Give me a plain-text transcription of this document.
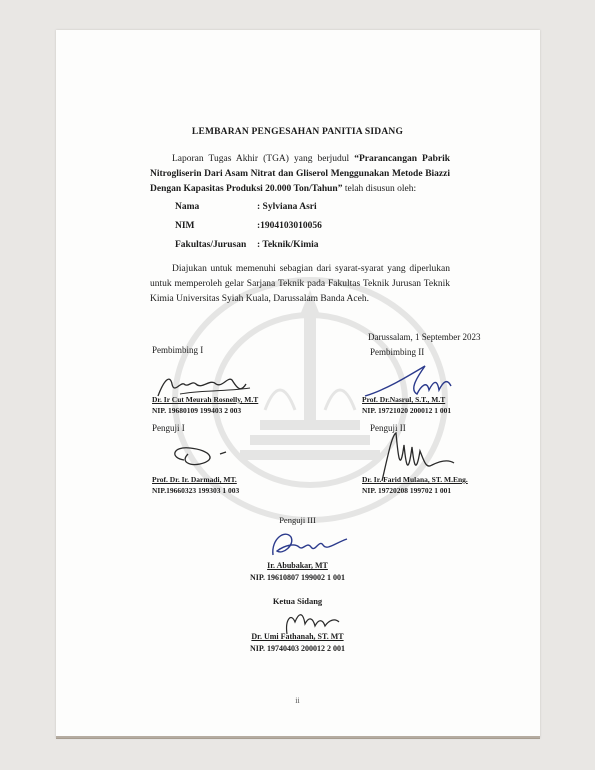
LEMBARAN PENGESAHAN PANITIA SIDANG
Laporan Tugas Akhir (TGA) yang berjudul “Prarancangan Pabrik Nitrogliserin Dari Asam Nitrat dan Gliserol Menggunakan Metode Biazzi Dengan Kapasitas Produksi 20.000 Ton/Tahun” telah disusun oleh:
Nama	: Sylviana Asri
NIM	:1904103010056
Fakultas/Jurusan : Teknik/Kimia
Diajukan untuk memenuhi sebagian dari syarat-syarat yang diperlukan untuk memperoleh gelar Sarjana Teknik pada Fakultas Teknik Jurusan Teknik Kimia Universitas Syiah Kuala, Darussalam Banda Aceh.
Darussalam, 1 September 2023
Pembimbing I	Pembimbing II
Dr. Ir Cut Meurah Rosnelly, M.T
NIP. 19680109 199403 2 003
Prof. Dr.Nasrul, S.T., M.T
NIP. 19721020 200012 1 001
Penguji I	Penguji II
Prof. Dr. Ir. Darmadi, MT.
NIP.19660323 199303 1 003
Dr. Ir. Farid Mulana, ST. M.Eng.
NIP. 19720208 199702 1 001
Penguji III
Ir. Abubakar, MT
NIP. 19610807 199002 1 001
Ketua Sidang
Dr. Umi Fathanah, ST. MT
NIP. 19740403 200012 2 001
ii
